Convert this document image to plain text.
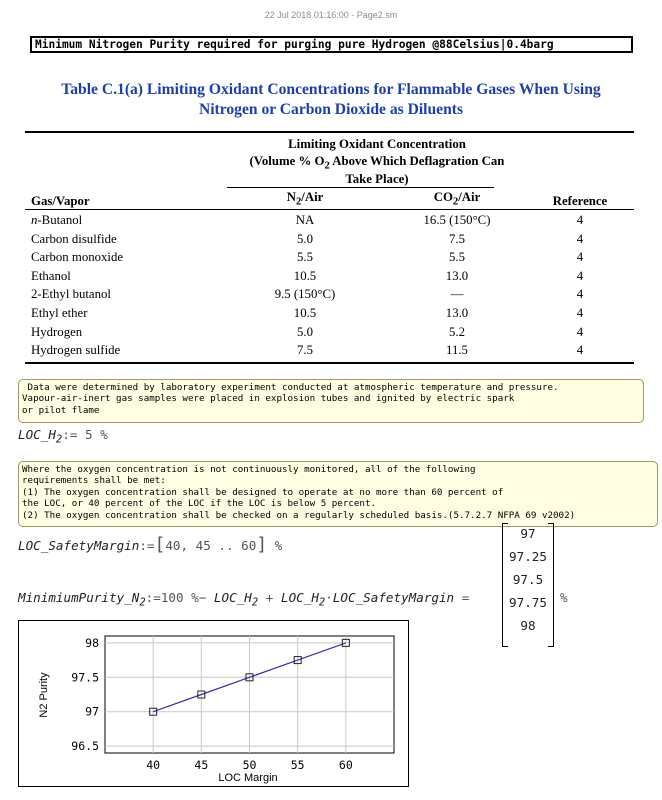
22 Jul 2018 01:16:00 - Page2.sm
Minimum Nitrogen Purity required for purging pure Hydrogen @88Celsius|0.4barg
Table C.1(a) Limiting Oxidant Concentrations for Flammable Gases When Using
Nitrogen or Carbon Dioxide as Diluents
Limiting Oxidant Concentration
(Volume % $O_2$ Above Which Deflagration Can
Take Place)
Gas/Vapor	$N_2$/Air	$CO_2$/Air	Reference
n-Butanol	NA	16.5 (150°C)	4
Carbon disulfide	5.0	7.5	4
Carbon monoxide	5.5	5.5	4
Ethanol	10.5	13.0	4
2-Ethyl butanol	9.5 (150°C)	—	4
Ethyl ether	10.5	13.0	4
Hydrogen	5.0	5.2	4
Hydrogen sulfide	7.5	11.5	4
Data were determined by laboratory experiment conducted at atmospheric temperature and pressure.
Vapour-air-inert gas samples were placed in explosion tubes and ignited by electric spark
or pilot flame
$LOC\_H_2:= 5$ %
Where the oxygen concentration is not continuously monitored, all of the following
requirements shall be met:
(1) The oxygen concentration shall be designed to operate at no more than 60 percent of
the LOC, or 40 percent of the LOC if the LOC is below 5 percent.
(2) The oxygen concentration shall be checked on a regularly scheduled basis.(5.7.2.7 NFPA 69 v2002)
LOC_SafetyMargin:=[40, 45 .. 60] %
$MinimiumPurity\_N_2:=100$ %− $LOC\_H_2$ + $LOC\_H_2\cdot LOC\_SafetyMargin$ =
97
97.25
97.5
97.75
98
%
40	45	50	55	60
96.5
97
97.5
98
LOC Margin
N2 Purity
